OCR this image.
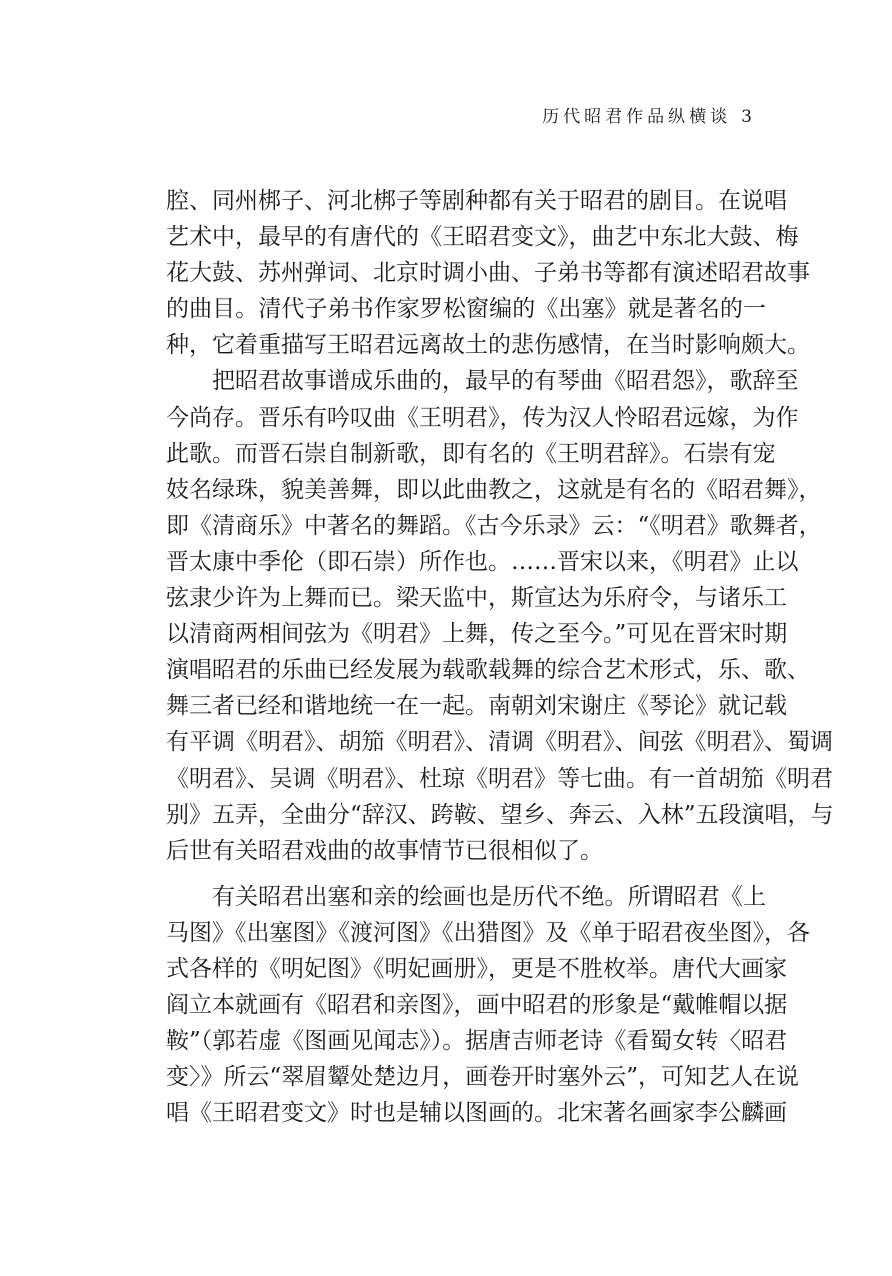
历代昭君作品纵横谈 3
腔、同州梆子、河北梆子等剧种都有关于昭君的剧目。在说唱
艺术中，最早的有唐代的《王昭君变文》，曲艺中东北大鼓、梅
花大鼓、苏州弹词、北京时调小曲、子弟书等都有演述昭君故事
的曲目。清代子弟书作家罗松窗编的《出塞》就是著名的一
种，它着重描写王昭君远离故土的悲伤感情，在当时影响颇大。
把昭君故事谱成乐曲的，最早的有琴曲《昭君怨》，歌辞至
今尚存。晋乐有吟叹曲《王明君》，传为汉人怜昭君远嫁，为作
此歌。而晋石崇自制新歌，即有名的《王明君辞》。石崇有宠
妓名绿珠，貌美善舞，即以此曲教之，这就是有名的《昭君舞》，
即《清商乐》中著名的舞蹈。《古今乐录》云：“《明君》歌舞者，
晋太康中季伦（即石崇）所作也。……晋宋以来，《明君》止以
弦隶少许为上舞而已。梁天监中，斯宣达为乐府令，与诸乐工
以清商两相间弦为《明君》上舞，传之至今。”可见在晋宋时期
演唱昭君的乐曲已经发展为载歌载舞的综合艺术形式，乐、歌、
舞三者已经和谐地统一在一起。南朝刘宋谢庄《琴论》就记载
有平调《明君》、胡笳《明君》、清调《明君》、间弦《明君》、蜀调
《明君》、吴调《明君》、杜琼《明君》等七曲。有一首胡笳《明君
别》五弄，全曲分“辞汉、跨鞍、望乡、奔云、入林”五段演唱，与
后世有关昭君戏曲的故事情节已很相似了。
有关昭君出塞和亲的绘画也是历代不绝。所谓昭君《上
马图》《出塞图》《渡河图》《出猎图》及《单于昭君夜坐图》，各
式各样的《明妃图》《明妃画册》，更是不胜枚举。唐代大画家
阎立本就画有《昭君和亲图》，画中昭君的形象是“戴帷帽以据
鞍”（郭若虚《图画见闻志》）。据唐吉师老诗《看蜀女转〈昭君
变〉》所云“翠眉颦处楚边月，画卷开时塞外云”，可知艺人在说
唱《王昭君变文》时也是辅以图画的。北宋著名画家李公麟画
